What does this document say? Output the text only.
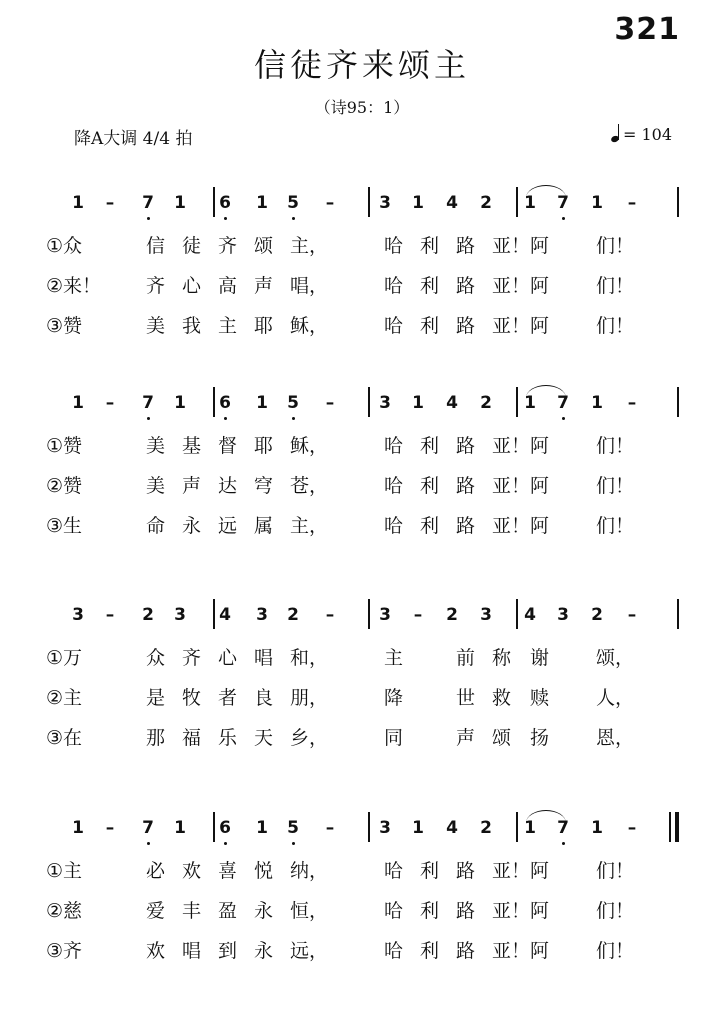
321
信徒齐来颂主
（诗95：1）
降A大调 4/4 拍	= 104
1	–	7 1 6 1 5	–	3 1 4 2 1 7 1	–
①众	信 徒 齐 颂 主，	哈 利 路 亚！ 阿 们！
②来！ 齐 心 高 声 唱，	哈 利 路 亚！ 阿 们！
③赞	美 我 主 耶 稣，	哈 利 路 亚！ 阿 们！
1	–	7 1 6 1 5	–	3 1 4 2 1 7 1	–
①赞	美 基 督 耶 稣，	哈 利 路 亚！ 阿 们！
②赞	美 声 达 穹 苍，	哈 利 路 亚！ 阿 们！
③生	命 永 远 属 主，	哈 利 路 亚！ 阿 们！
3	–	2 3 4 3 2	–	3	–	2 3 4 3 2	–
①万	众 齐 心 唱 和，	主	前 称 谢 颂，
②主	是 牧 者 良 朋，	降	世 救 赎 人，
③在	那 福 乐 天 乡，	同	声 颂 扬 恩，
1	–	7 1 6 1 5	–	3 1 4 2 1 7 1	–
①主	必 欢 喜 悦 纳，	哈 利 路 亚！ 阿 们！
②慈	爱 丰 盈 永 恒，	哈 利 路 亚！ 阿 们！
③齐	欢 唱 到 永 远，	哈 利 路 亚！ 阿 们！
